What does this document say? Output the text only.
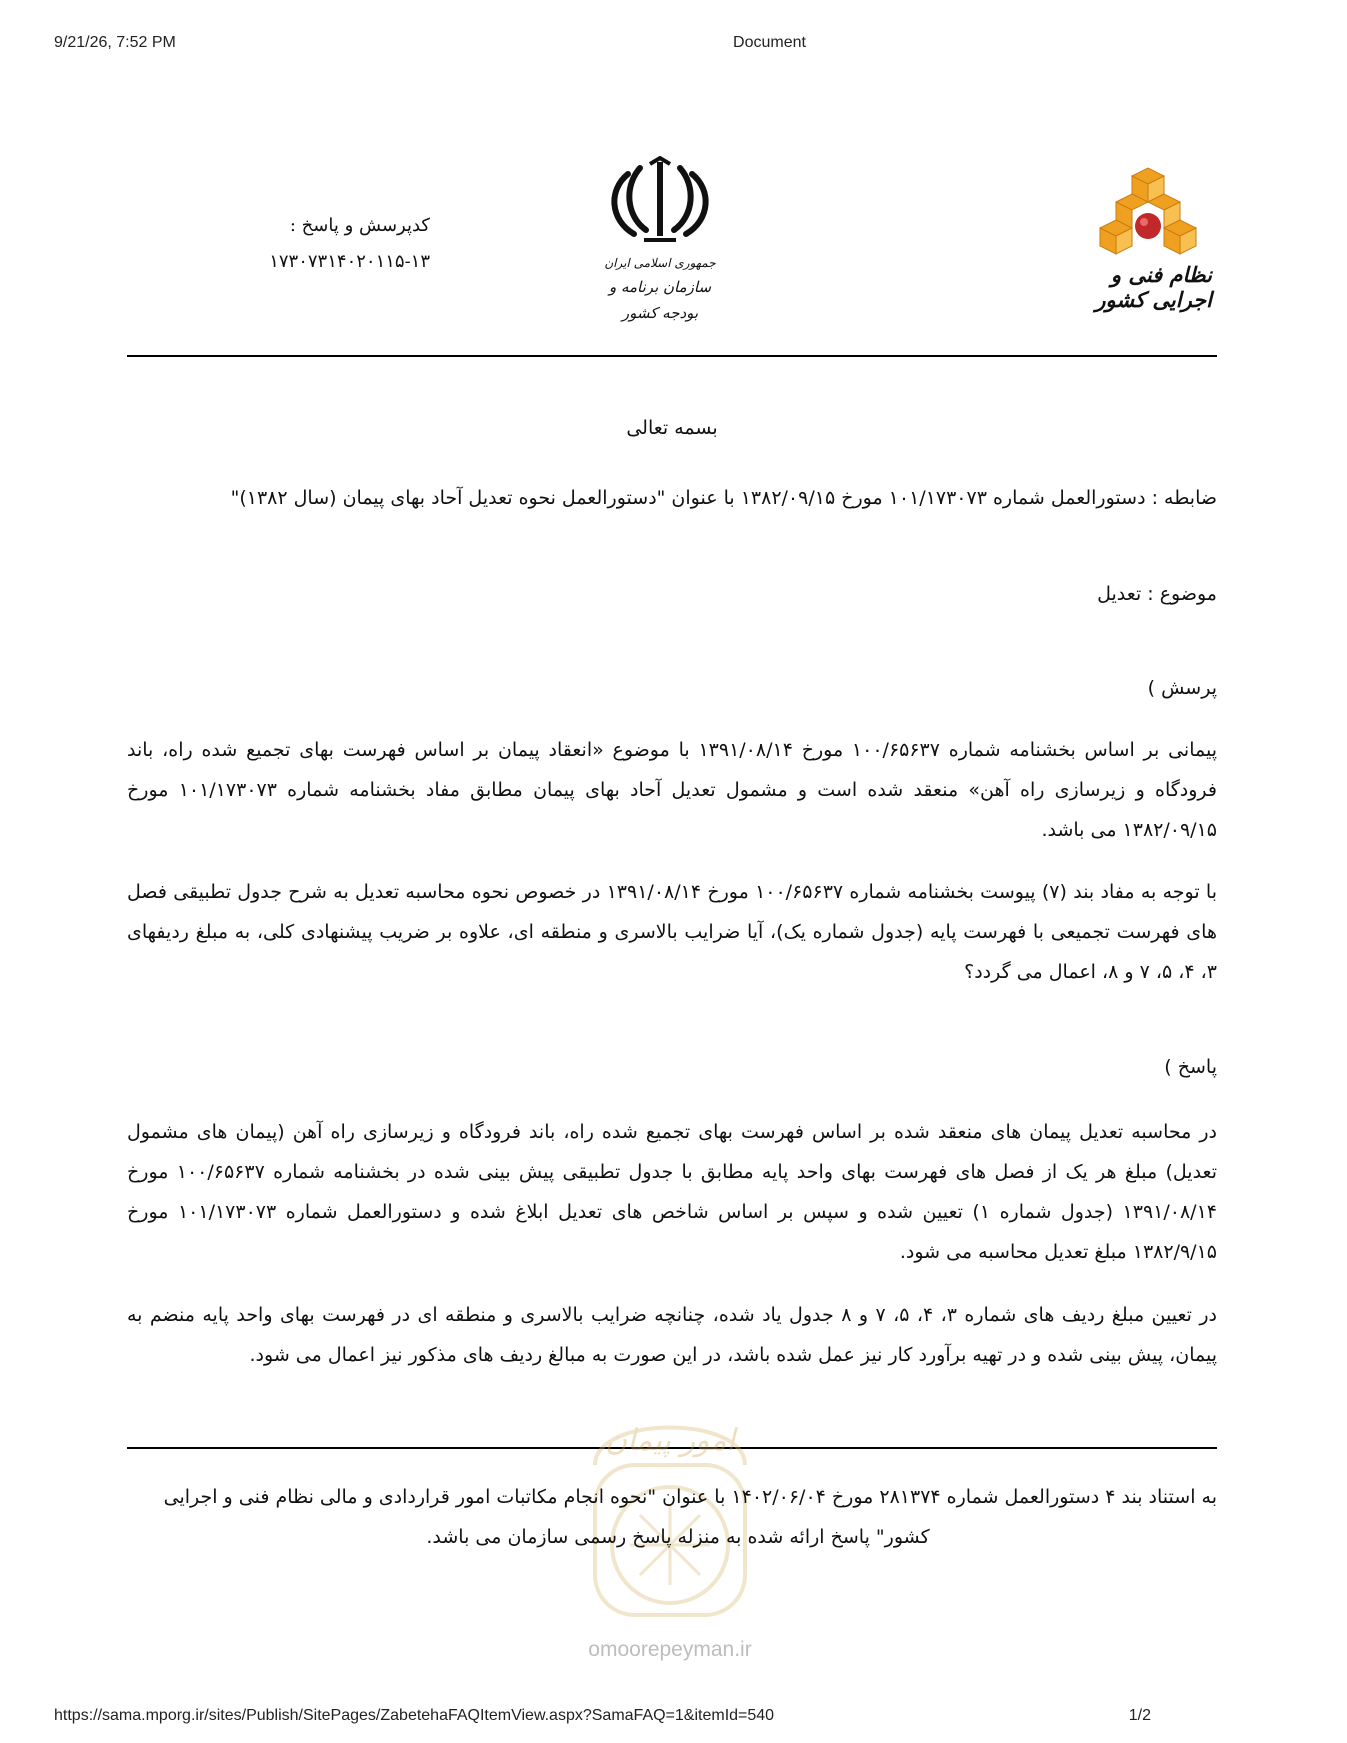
9/21/26, 7:52 PM	Document
نظام فنی و اجرایی کشور
جمهوری اسلامی ایران
سازمان برنامه و بودجه کشور
کدپرسش و پاسخ :
۱۷۳۰۷۳۱۴۰۲۰۱۱۵-۱۳
بسمه تعالی
ضابطه : دستورالعمل شماره ۱۰۱/۱۷۳۰۷۳ مورخ ۱۳۸۲/۰۹/۱۵ با عنوان "دستورالعمل نحوه تعدیل آحاد بهای پیمان (سال ۱۳۸۲)"
موضوع : تعدیل
پرسش )

پیمانی بر اساس بخشنامه شماره ۱۰۰/۶۵۶۳۷ مورخ ۱۳۹۱/۰۸/۱۴ با موضوع «انعقاد پیمان بر اساس فهرست بهای تجمیع شده راه، باند فرودگاه و زیرسازی راه آهن» منعقد شده است و مشمول تعدیل آحاد بهای پیمان مطابق مفاد بخشنامه شماره ۱۰۱/۱۷۳۰۷۳ مورخ ۱۳۸۲/۰۹/۱۵ می باشد.

با توجه به مفاد بند (۷) پیوست بخشنامه شماره ۱۰۰/۶۵۶۳۷ مورخ ۱۳۹۱/۰۸/۱۴ در خصوص نحوه محاسبه تعدیل به شرح جدول تطبیقی فصل های فهرست تجمیعی با فهرست پایه (جدول شماره یک)، آیا ضرایب بالاسری و منطقه ای، علاوه بر ضریب پیشنهادی کلی، به مبلغ ردیفهای ۳، ۴، ۵، ۷ و ۸، اعمال می گردد؟

پاسخ )

در محاسبه تعدیل پیمان های منعقد شده بر اساس فهرست بهای تجمیع شده راه، باند فرودگاه و زیرسازی راه آهن (پیمان های مشمول تعدیل) مبلغ هر یک از فصل های فهرست بهای واحد پایه مطابق با جدول تطبیقی پیش بینی شده در بخشنامه شماره ۱۰۰/۶۵۶۳۷ مورخ ۱۳۹۱/۰۸/۱۴ (جدول شماره ۱) تعیین شده و سپس بر اساس شاخص های تعدیل ابلاغ شده و دستورالعمل شماره ۱۰۱/۱۷۳۰۷۳ مورخ ۱۳۸۲/۹/۱۵ مبلغ تعدیل محاسبه می شود.

در تعیین مبلغ ردیف های شماره ۳، ۴، ۵، ۷ و ۸ جدول یاد شده، چنانچه ضرایب بالاسری و منطقه ای در فهرست بهای واحد پایه منضم به پیمان، پیش بینی شده و در تهیه برآورد کار نیز عمل شده باشد، در این صورت به مبالغ ردیف های مذکور نیز اعمال می شود.

امور پیمان
omoorepeyman.ir

به استناد بند ۴ دستورالعمل شماره ۲۸۱۳۷۴ مورخ ۱۴۰۲/۰۶/۰۴ با عنوان "نحوه انجام مکاتبات امور قراردادی و مالی نظام فنی و اجرایی کشور" پاسخ ارائه شده به منزله پاسخ رسمی سازمان می باشد.

https://sama.mporg.ir/sites/Publish/SitePages/ZabetehaFAQItemView.aspx?SamaFAQ=1&itemId=540	1/2
